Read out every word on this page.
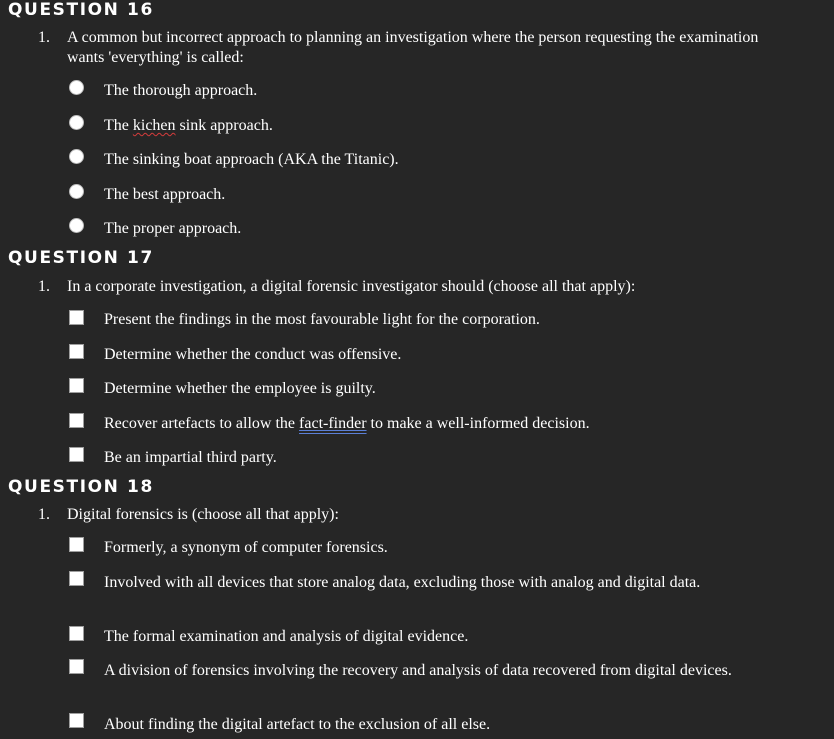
QUESTION 16
1. A common but incorrect approach to planning an investigation where the person requesting the examination wants 'everything' is called:
The thorough approach.
The kichen sink approach.
The sinking boat approach (AKA the Titanic).
The best approach.
The proper approach.
QUESTION 17
1. In a corporate investigation, a digital forensic investigator should (choose all that apply):
Present the findings in the most favourable light for the corporation.
Determine whether the conduct was offensive.
Determine whether the employee is guilty.
Recover artefacts to allow the fact-finder to make a well-informed decision.
Be an impartial third party.
QUESTION 18
1. Digital forensics is (choose all that apply):
Formerly, a synonym of computer forensics.
Involved with all devices that store analog data, excluding those with analog and digital data.
The formal examination and analysis of digital evidence.
A division of forensics involving the recovery and analysis of data recovered from digital devices.
About finding the digital artefact to the exclusion of all else.
